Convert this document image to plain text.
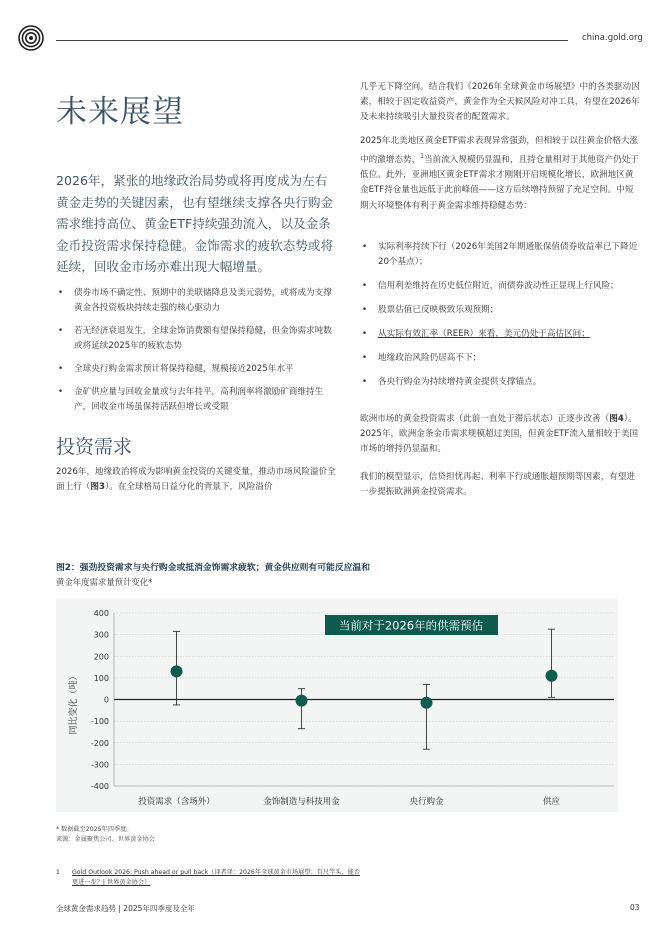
china.gold.org
未来展望
2026年，紧张的地缘政治局势或将再度成为左右黄金走势的关键因素，也有望继续支撑各央行购金需求维持高位、黄金ETF持续强劲流入，以及金条金币投资需求保持稳健。金饰需求的疲软态势或将延续，回收金市场亦难出现大幅增量。
• 债券市场不确定性、预期中的美联储降息及美元弱势，或将成为支撑黄金各投资板块持续走强的核心驱动力
• 若无经济衰退发生，全球金饰消费额有望保持稳健，但金饰需求吨数或将延续2025年的疲软态势
• 全球央行购金需求预计将保持稳健，规模接近2025年水平
• 金矿供应量与回收金量或与去年持平，高利润率将激励矿商维持生产，回收金市场虽保持活跃但增长或受限
投资需求
2026年，地缘政治将成为影响黄金投资的关键变量，推动市场风险溢价全面上行（图3）。在全球格局日益分化的背景下，风险溢价
几乎无下降空间。结合我们《2026年全球黄金市场展望》中的各类驱动因素，相较于固定收益资产，黄金作为全天候风险对冲工具，有望在2026年及未来持续吸引大量投资者的配置需求。
2025年北美地区黄金ETF需求表现异常强劲，但相较于以往黄金价格大涨中的激增态势，$^1$当前流入规模仍显温和，且持仓量相对于其他资产仍处于低位。此外，亚洲地区黄金ETF需求才刚刚开启规模化增长，欧洲地区黄金ETF持仓量也远低于此前峰值——这方后续增持预留了充足空间。中短期大环境整体有利于黄金需求维持稳健态势：
• 实际利率持续下行（2026年美国2年期通胀保值债券收益率已下降近20个基点）；
• 信用利差维持在历史低位附近，而债券波动性正显现上行风险；
• 股票估值已反映极致乐观预期；
• 从实际有效汇率（REER）来看，美元仍处于高估区间；
• 地缘政治风险仍居高不下；
• 各央行购金为持续增持黄金提供支撑锚点。
欧洲市场的黄金投资需求（此前一直处于滞后状态）正逐步改善（图4）。2025年，欧洲金条金币需求规模超过美国，但黄金ETF流入量相较于美国市场的增持仍显温和。
我们的模型显示，信贷担忧再起、利率下行或通胀超预期等因素，有望进一步提振欧洲黄金投资需求。
图2：强劲投资需求与央行购金或抵消金饰需求疲软；黄金供应则有可能反应温和
黄金年度需求量预计变化*
400
300
200
100
0
-100
-200
-300
-400
投资需求（含场外）	金饰制造与科技用金	央行购金	供应
同比变化（吨）
当前对于2026年的供需预估
* 数据截至2025年四季度。
来源：金属聚焦公司、世界黄金协会
1 Gold Outlook 2026: Push ahead or pull back（译者译：2026年全球黄金市场展望：百尺竿头，能否更进一步？| 世界黄金协会）
全球黄金需求趋势 | 2025年四季度及全年	03
